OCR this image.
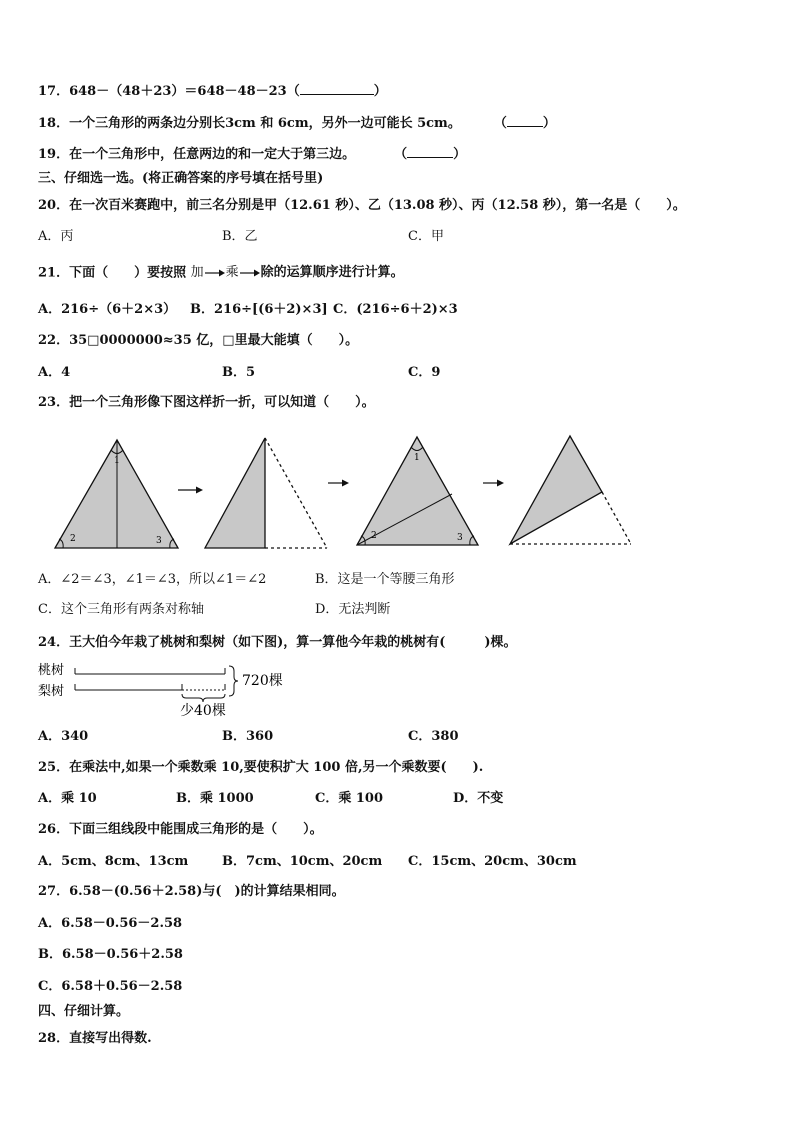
17．648－（48＋23）＝648－48－23（	）
18．一个三角形的两条边分别长3cm 和 6cm，另外一边可能长 5cm。	（	）
19．在一个三角形中，任意两边的和一定大于第三边。	（	）
三、仔细选一选。(将正确答案的序号填在括号里)
20．在一次百米赛跑中，前三名分别是甲（12.61 秒）、乙（13.08 秒）、丙（12.58 秒），第一名是（　　）。
A．丙	B．乙	C．甲
21．下面（　　）要按照 加 乘 除的运算顺序进行计算。
A．216÷（6＋2×3） B．216÷[(6＋2)×3] C．(216÷6＋2)×3
22．35□0000000≈35 亿，□里最大能填（　　）。
A．4	B．5	C．9
23．把一个三角形像下图这样折一折，可以知道（　　）。
1
2	3
1
2	3
A．∠2＝∠3，∠1＝∠3，所以∠1＝∠2	B．这是一个等腰三角形
C．这个三角形有两条对称轴	D．无法判断
24．王大伯今年栽了桃树和梨树（如下图)，算一算他今年栽的桃树有(　　　)棵。
桃树
梨树
720棵
少40棵
A．340	B．360	C．380
25．在乘法中,如果一个乘数乘 10,要使积扩大 100 倍,另一个乘数要(　　).
A．乘 10	B．乘 1000	C．乘 100	D．不变
26．下面三组线段中能围成三角形的是（　　）。
A．5cm、8cm、13cm	B．7cm、10cm、20cm C．15cm、20cm、30cm
27．6.58－(0.56＋2.58)与(　)的计算结果相同。
A．6.58－0.56－2.58
B．6.58－0.56＋2.58
C．6.58＋0.56－2.58
四、仔细计算。
28．直接写出得数.
